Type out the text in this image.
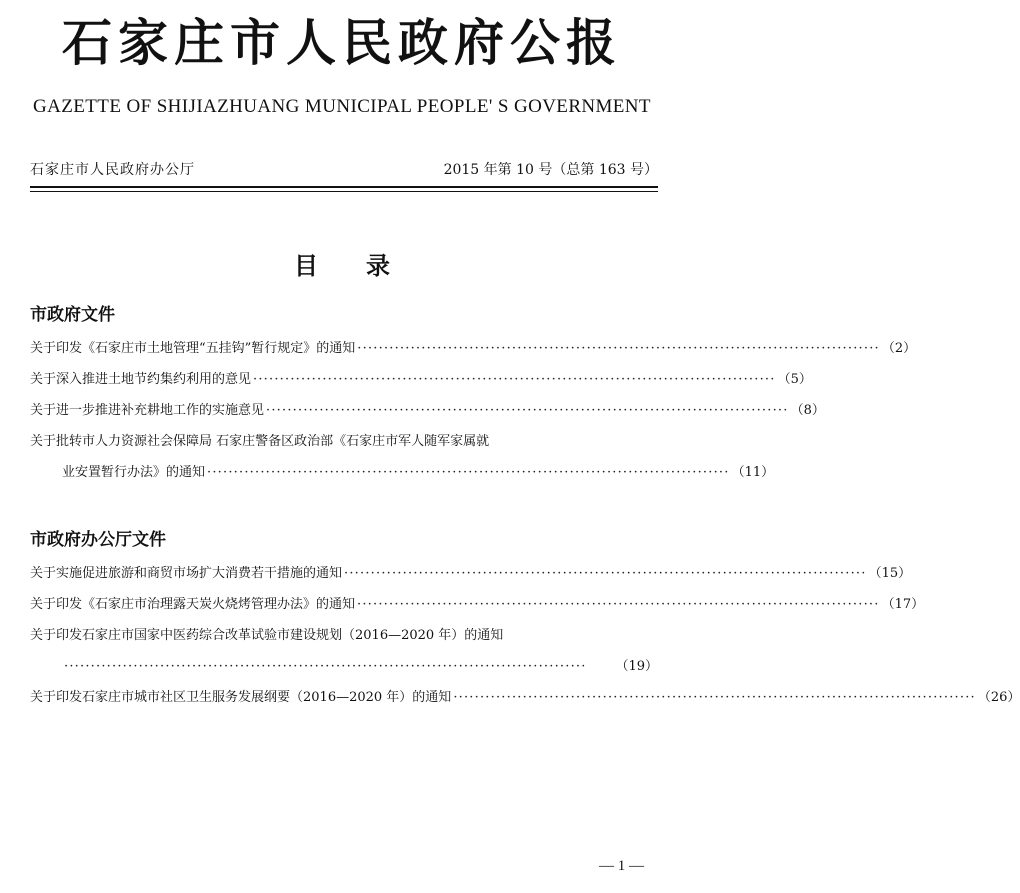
石家庄市人民政府公报
GAZETTE OF SHIJIAZHUANG MUNICIPAL PEOPLE' S GOVERNMENT
石家庄市人民政府办公厅	2015 年第 10 号（总第 163 号）
目录
市政府文件
关于印发《石家庄市土地管理“五挂钩”暂行规定》的通知 ·································································································· （2）
关于深入推进土地节约集约利用的意见 ·································································································· （5）
关于进一步推进补充耕地工作的实施意见 ·································································································· （8）
关于批转市人力资源社会保障局 石家庄警备区政治部《石家庄市军人随军家属就
业安置暂行办法》的通知 ·································································································· （11）
市政府办公厅文件
关于实施促进旅游和商贸市场扩大消费若干措施的通知 ·································································································· （15）
关于印发《石家庄市治理露天炭火烧烤管理办法》的通知 ·································································································· （17）
关于印发石家庄市国家中医药综合改革试验市建设规划（2016—2020 年）的通知
··································································································	（19）
关于印发石家庄市城市社区卫生服务发展纲要（2016—2020 年）的通知 ·································································································· （26）
— 1 —
